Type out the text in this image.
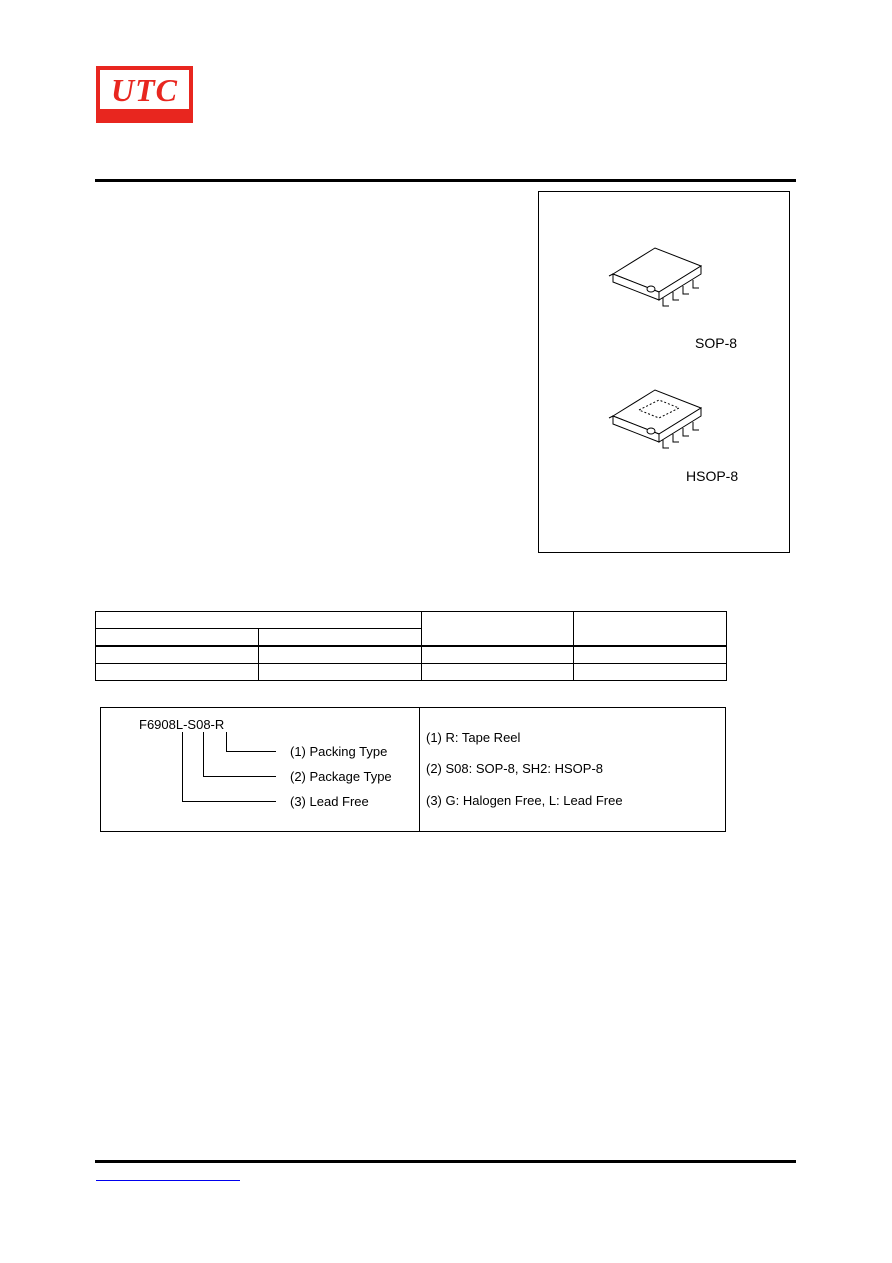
UTC
SOP-8
HSOP-8

F6908L-S08-R
(1) Packing Type
(2) Package Type
(3) Lead Free
(1) R: Tape Reel
(2) S08: SOP-8, SH2: HSOP-8
(3) G: Halogen Free, L: Lead Free
